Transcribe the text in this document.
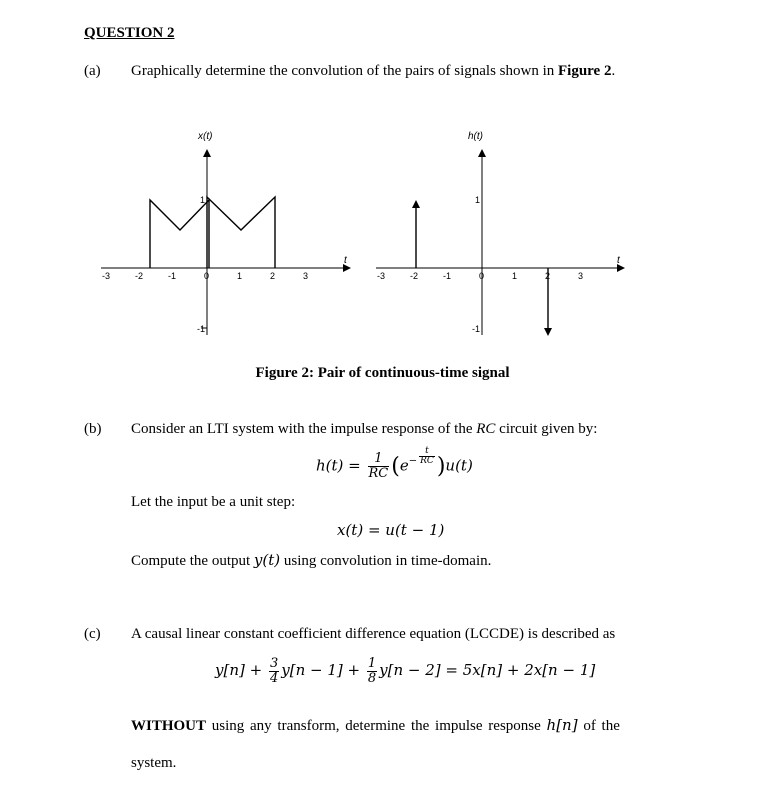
QUESTION 2
(a) Graphically determine the convolution of the pairs of signals shown in Figure 2.
x(t)
t
1
-1
-3	-2	-1	0	1	2	3
h(t)
t
1
-1
-3	-2	-1	0	1	2	3
Figure 2: Pair of continuous-time signal
(b) Consider an LTI system with the impulse response of the RC circuit given by:
$h(t) = \frac{1}{RC} (e^- \frac{t}{RC} )u(t)$
Let the input be a unit step:
x(t) = u(t − 1)
Compute the output y(t) using convolution in time-domain.
(c) A causal linear constant coefficient difference equation (LCCDE) is described as
$y[n] + \frac{3}{4} y[n - 1] + \frac{1}{8} y[n - 2] = 5x[n] + 2x[n - 1]$
WITHOUT using any transform, determine the impulse response h[n] of the
system.
